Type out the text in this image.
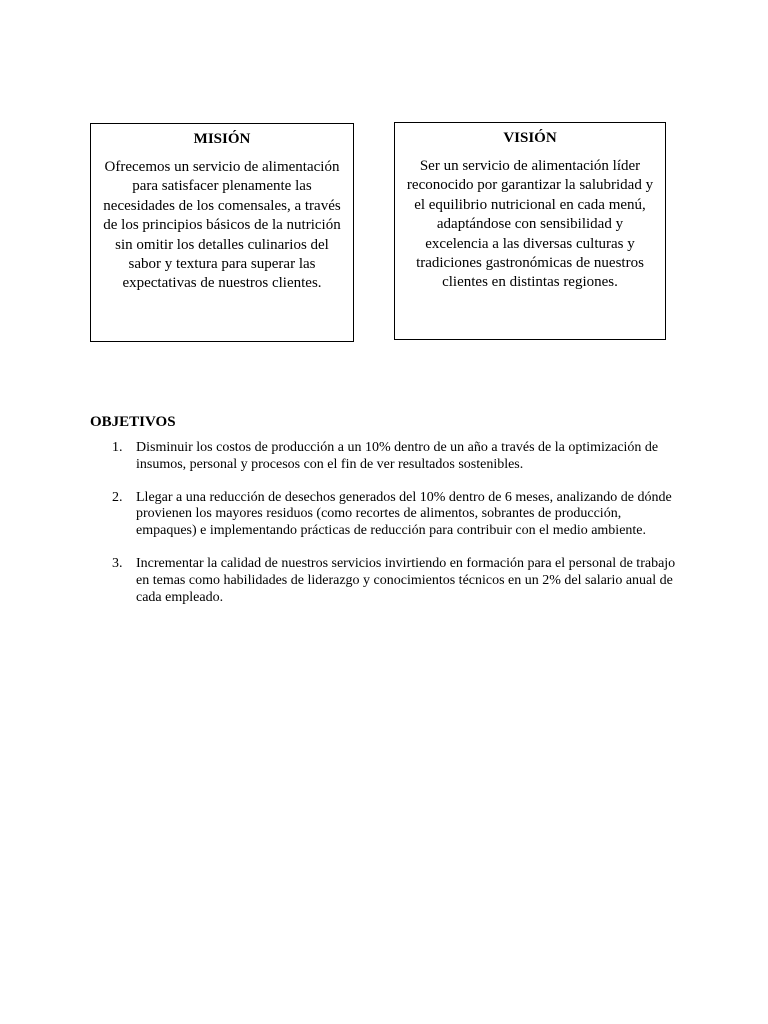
MISIÓN
Ofrecemos un servicio de alimentación para satisfacer plenamente las necesidades de los comensales, a través de los principios básicos de la nutrición sin omitir los detalles culinarios del sabor y textura para superar las expectativas de nuestros clientes.
VISIÓN
Ser un servicio de alimentación líder reconocido por garantizar la salubridad y el equilibrio nutricional en cada menú, adaptándose con sensibilidad y excelencia a las diversas culturas y tradiciones gastronómicas de nuestros clientes en distintas regiones.
OBJETIVOS
1. Disminuir los costos de producción a un 10% dentro de un año a través de la optimización de insumos, personal y procesos con el fin de ver resultados sostenibles.
2. Llegar a una reducción de desechos generados del 10% dentro de 6 meses, analizando de dónde provienen los mayores residuos (como recortes de alimentos, sobrantes de producción, empaques) e implementando prácticas de reducción para contribuir con el medio ambiente.
3. Incrementar la calidad de nuestros servicios invirtiendo en formación para el personal de trabajo en temas como habilidades de liderazgo y conocimientos técnicos en un 2% del salario anual de cada empleado.
